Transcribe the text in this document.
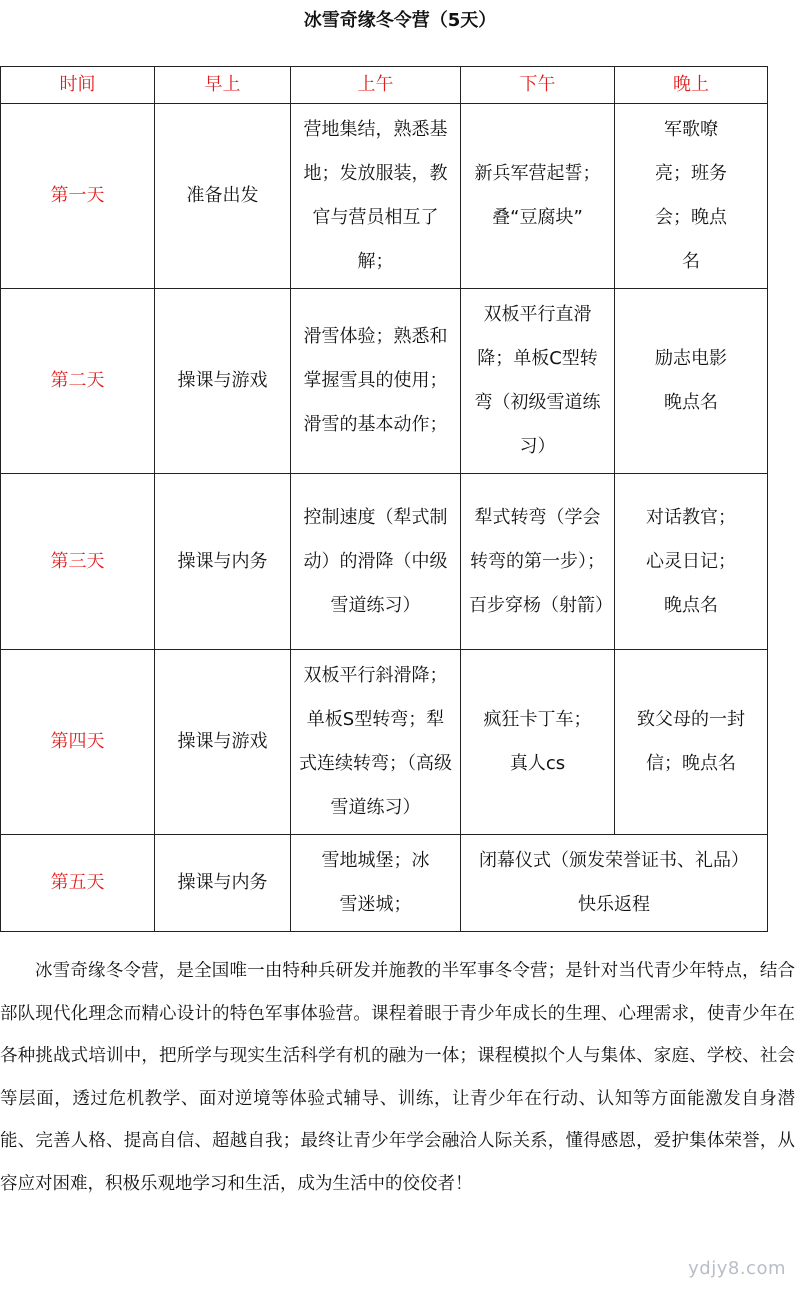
冰雪奇缘冬令营（5天）
时间	早上	上午	下午	晚上
第一天	准备出发	营地集结，熟悉基地；发放服装，教官与营员相互了解；	新兵军营起誓；叠“豆腐块”	军歌嘹亮；班务会；晚点名

第二天	操课与游戏	滑雪体验；熟悉和掌握雪具的使用；滑雪的基本动作；	双板平行直滑降；单板C型转弯（初级雪道练习）	励志电影晚点名

第三天	操课与内务	控制速度（犁式制动）的滑降（中级雪道练习）	犁式转弯（学会转弯的第一步）；百步穿杨（射箭）	对话教官；心灵日记；晚点名

第四天	操课与游戏	双板平行斜滑降；单板S型转弯；犁式连续转弯；（高级雪道练习）	疯狂卡丁车；真人cs	致父母的一封信；晚点名

第五天	操课与内务	雪地城堡；冰雪迷城；	闭幕仪式（颁发荣誉证书、礼品）快乐返程	
冰雪奇缘冬令营，是全国唯一由特种兵研发并施教的半军事冬令营；是针对当代青少年特点，结合部队现代化理念而精心设计的特色军事体验营。课程着眼于青少年成长的生理、心理需求，使青少年在各种挑战式培训中，把所学与现实生活科学有机的融为一体；课程模拟个人与集体、家庭、学校、社会等层面，透过危机教学、面对逆境等体验式辅导、训练，让青少年在行动、认知等方面能激发自身潜能、完善人格、提高自信、超越自我；最终让青少年学会融洽人际关系，懂得感恩，爱护集体荣誉，从容应对困难，积极乐观地学习和生活，成为生活中的佼佼者！
ydjy8.com
